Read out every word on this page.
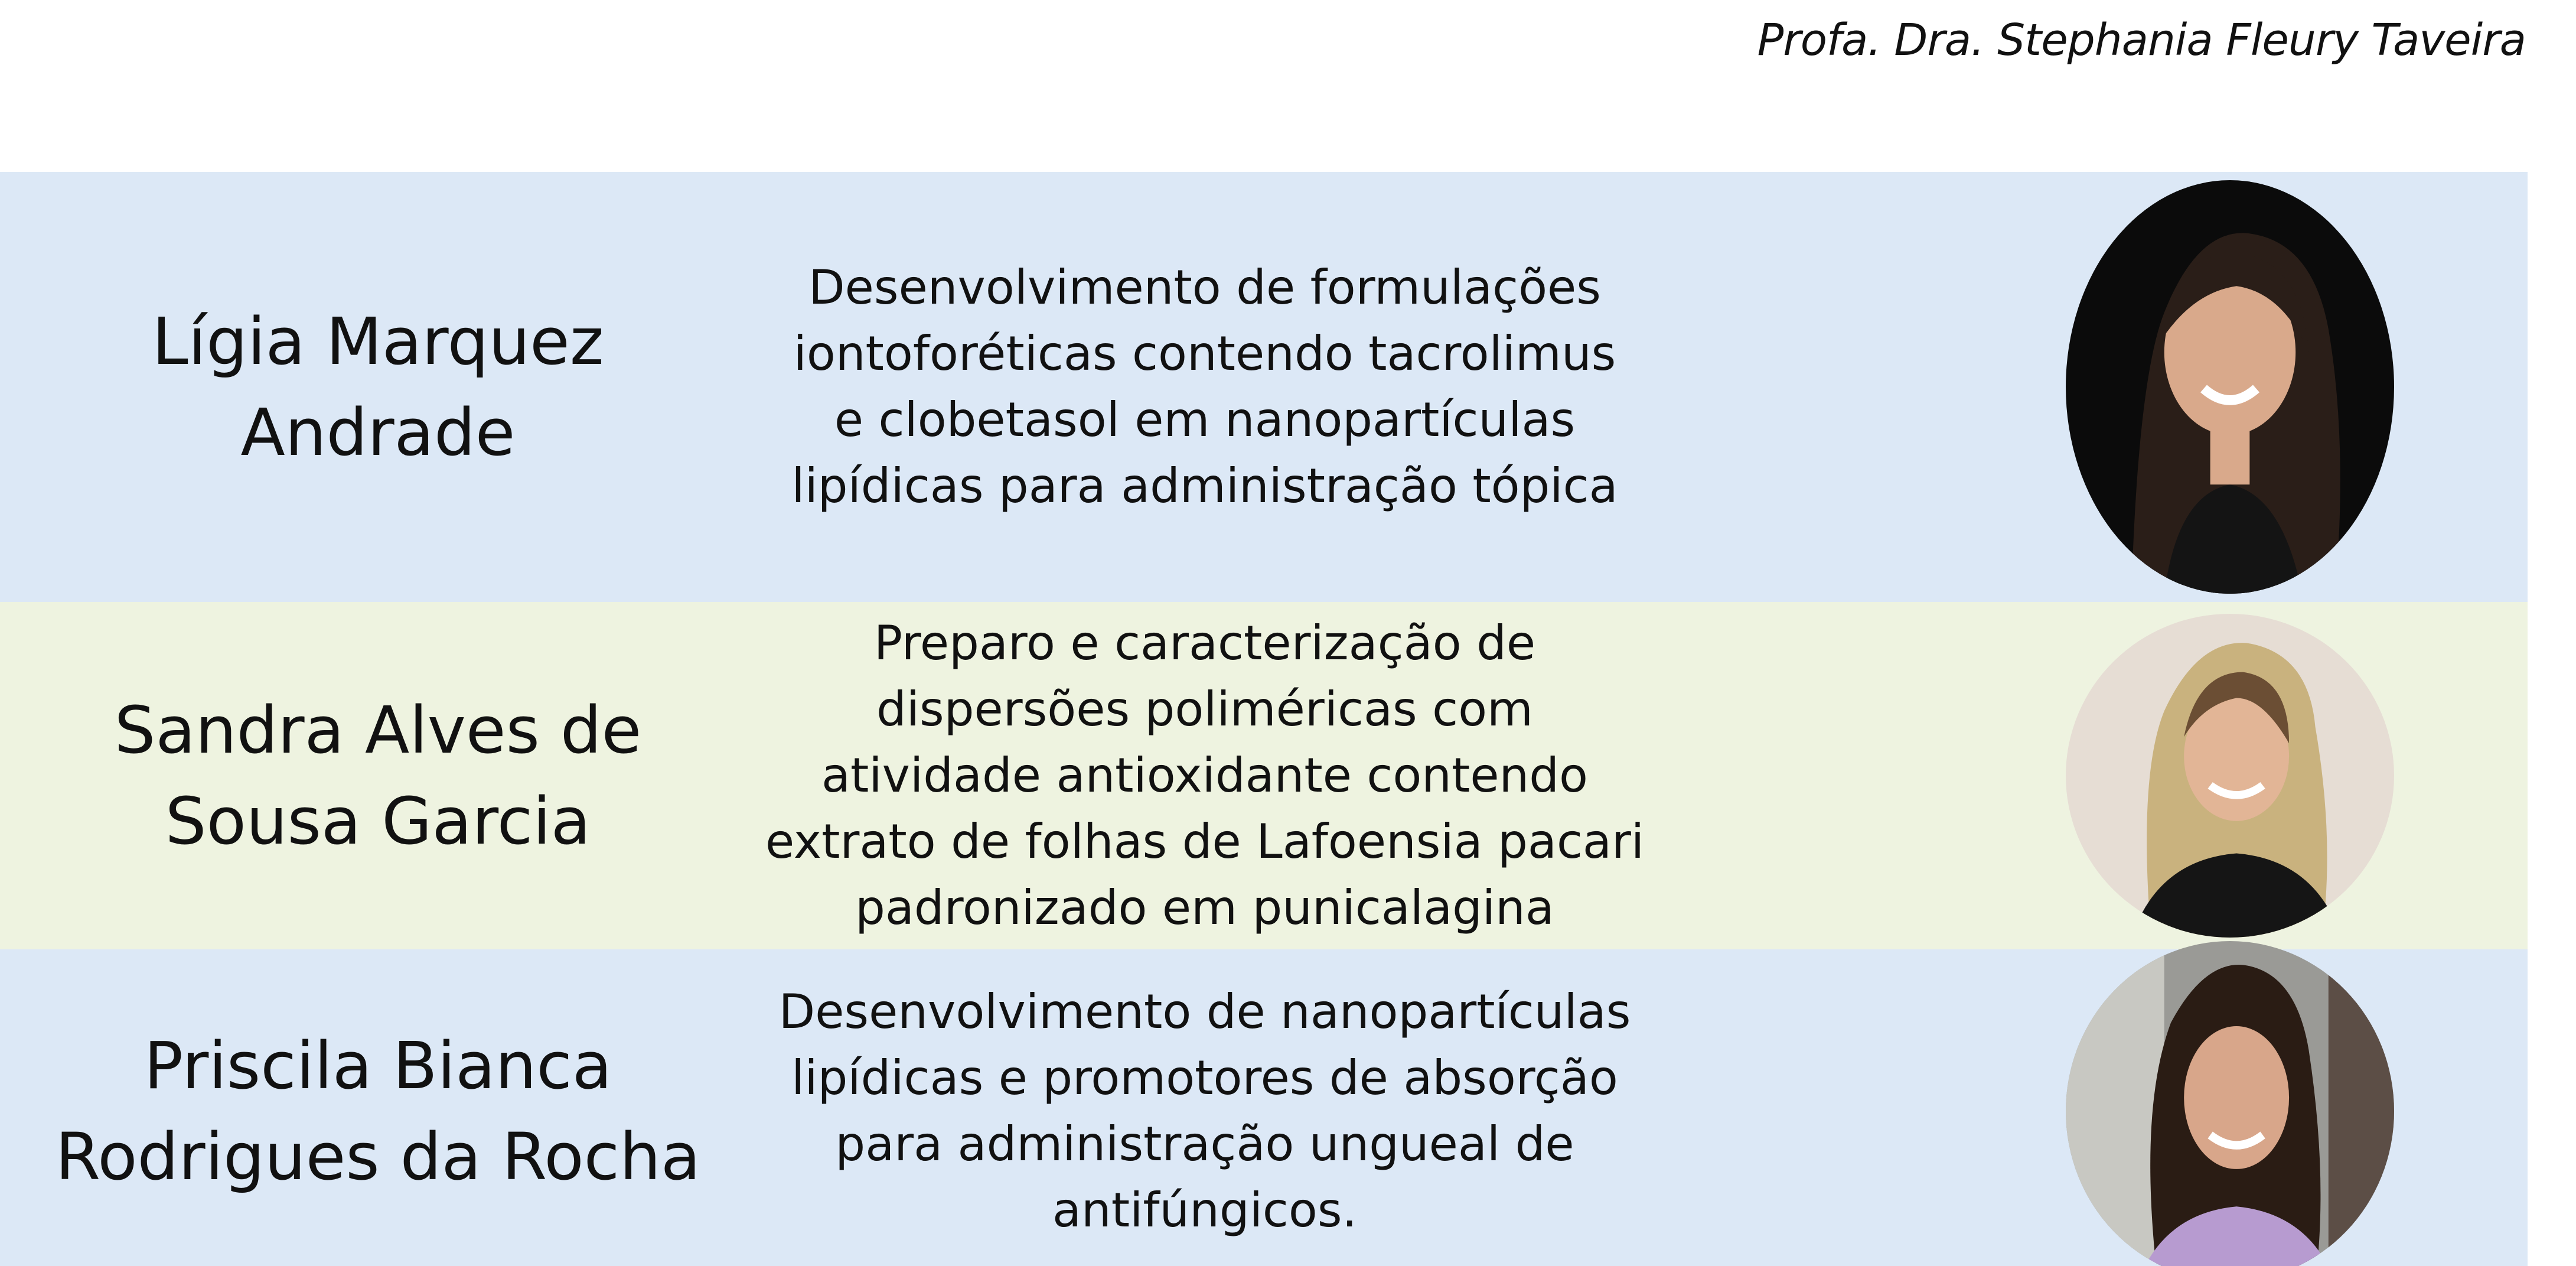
Profa. Dra. Stephania Fleury Taveira
Lígia Marquez
Andrade
Desenvolvimento de formulações
iontoforéticas contendo tacrolimus
e clobetasol em nanopartículas
lipídicas para administração tópica
Sandra Alves de
Sousa Garcia
Preparo e caracterização de
dispersões poliméricas com
atividade antioxidante contendo
extrato de folhas de Lafoensia pacari
padronizado em punicalagina
Priscila Bianca
Rodrigues da Rocha
Desenvolvimento de nanopartículas
lipídicas e promotores de absorção
para administração ungueal de
antifúngicos.
